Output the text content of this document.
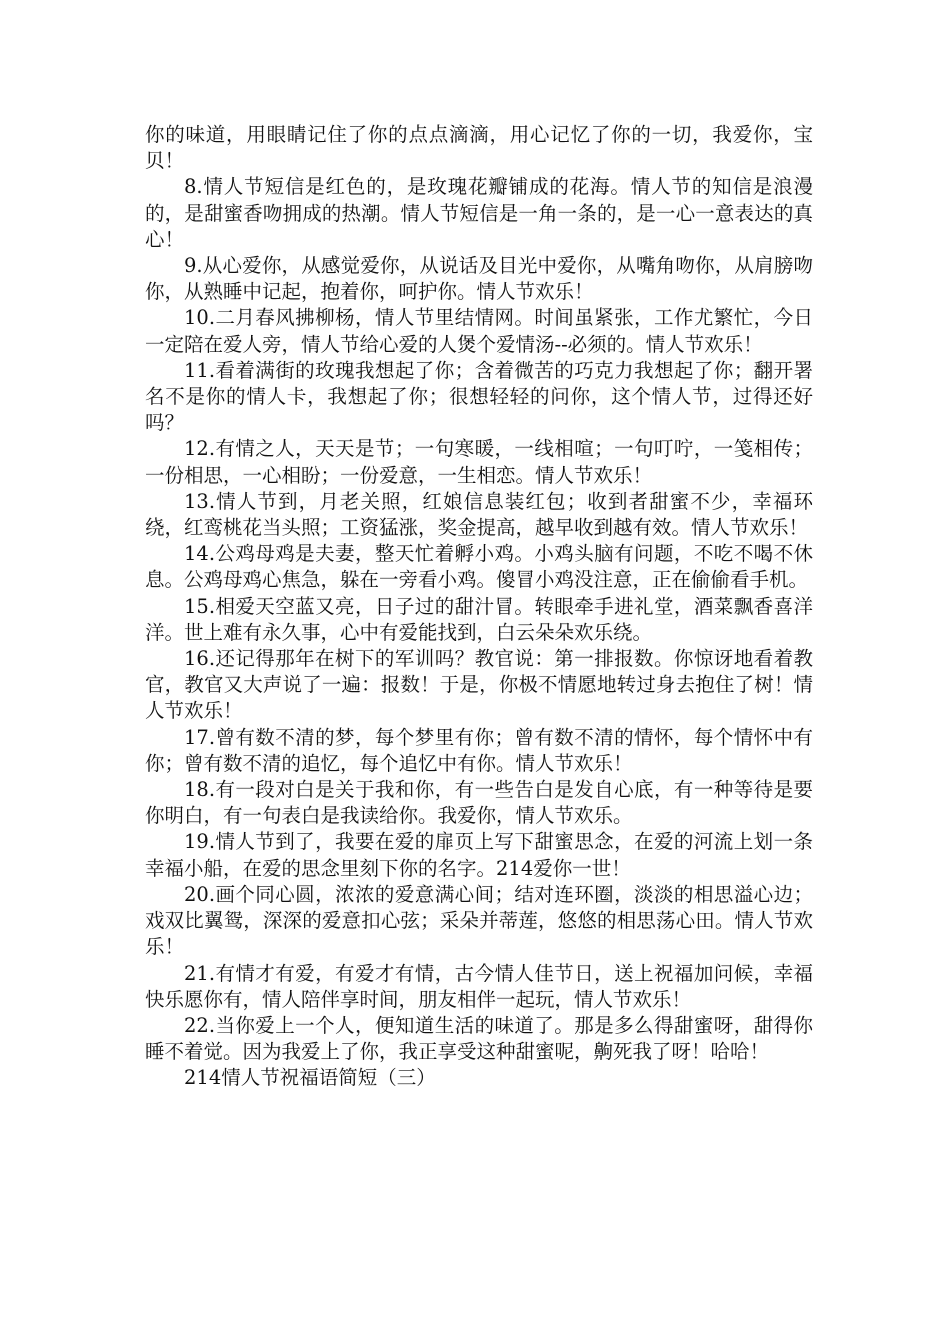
你的味道，用眼睛记住了你的点点滴滴，用心记忆了你的一切，我爱你，宝贝！

8.情人节短信是红色的，是玫瑰花瓣铺成的花海。情人节的知信是浪漫的，是甜蜜香吻拥成的热潮。情人节短信是一角一条的，是一心一意表达的真心！

9.从心爱你，从感觉爱你，从说话及目光中爱你，从嘴角吻你，从肩膀吻你，从熟睡中记起，抱着你，呵护你。情人节欢乐！

10.二月春风拂柳杨，情人节里结情网。时间虽紧张，工作尤繁忙，今日一定陪在爱人旁，情人节给心爱的人煲个爱情汤--必须的。情人节欢乐！

11.看着满街的玫瑰我想起了你；含着微苦的巧克力我想起了你；翻开署名不是你的情人卡，我想起了你；很想轻轻的问你，这个情人节，过得还好吗？

12.有情之人，天天是节；一句寒暖，一线相喧；一句叮咛，一笺相传；一份相思，一心相盼；一份爱意，一生相恋。情人节欢乐！

13.情人节到，月老关照，红娘信息装红包；收到者甜蜜不少，幸福环绕，红鸾桃花当头照；工资猛涨，奖金提高，越早收到越有效。情人节欢乐！

14.公鸡母鸡是夫妻，整天忙着孵小鸡。小鸡头脑有问题，不吃不喝不休息。公鸡母鸡心焦急，躲在一旁看小鸡。傻冒小鸡没注意，正在偷偷看手机。

15.相爱天空蓝又亮，日子过的甜汁冒。转眼牵手进礼堂，酒菜飘香喜洋洋。世上难有永久事，心中有爱能找到，白云朵朵欢乐绕。

16.还记得那年在树下的军训吗？教官说：第一排报数。你惊讶地看着教官，教官又大声说了一遍：报数！于是，你极不情愿地转过身去抱住了树！情人节欢乐！

17.曾有数不清的梦，每个梦里有你；曾有数不清的情怀，每个情怀中有你；曾有数不清的追忆，每个追忆中有你。情人节欢乐！

18.有一段对白是关于我和你，有一些告白是发自心底，有一种等待是要你明白，有一句表白是我读给你。我爱你，情人节欢乐。

19.情人节到了，我要在爱的扉页上写下甜蜜思念，在爱的河流上划一条幸福小船，在爱的思念里刻下你的名字。214爱你一世！

20.画个同心圆，浓浓的爱意满心间；结对连环圈，淡淡的相思溢心边；戏双比翼鸳，深深的爱意扣心弦；采朵并蒂莲，悠悠的相思荡心田。情人节欢乐！

21.有情才有爱，有爱才有情，古今情人佳节日，送上祝福加问候，幸福快乐愿你有，情人陪伴享时间，朋友相伴一起玩，情人节欢乐！

22.当你爱上一个人，便知道生活的味道了。那是多么得甜蜜呀，甜得你睡不着觉。因为我爱上了你，我正享受这种甜蜜呢，齁死我了呀！哈哈！

214情人节祝福语简短（三）
